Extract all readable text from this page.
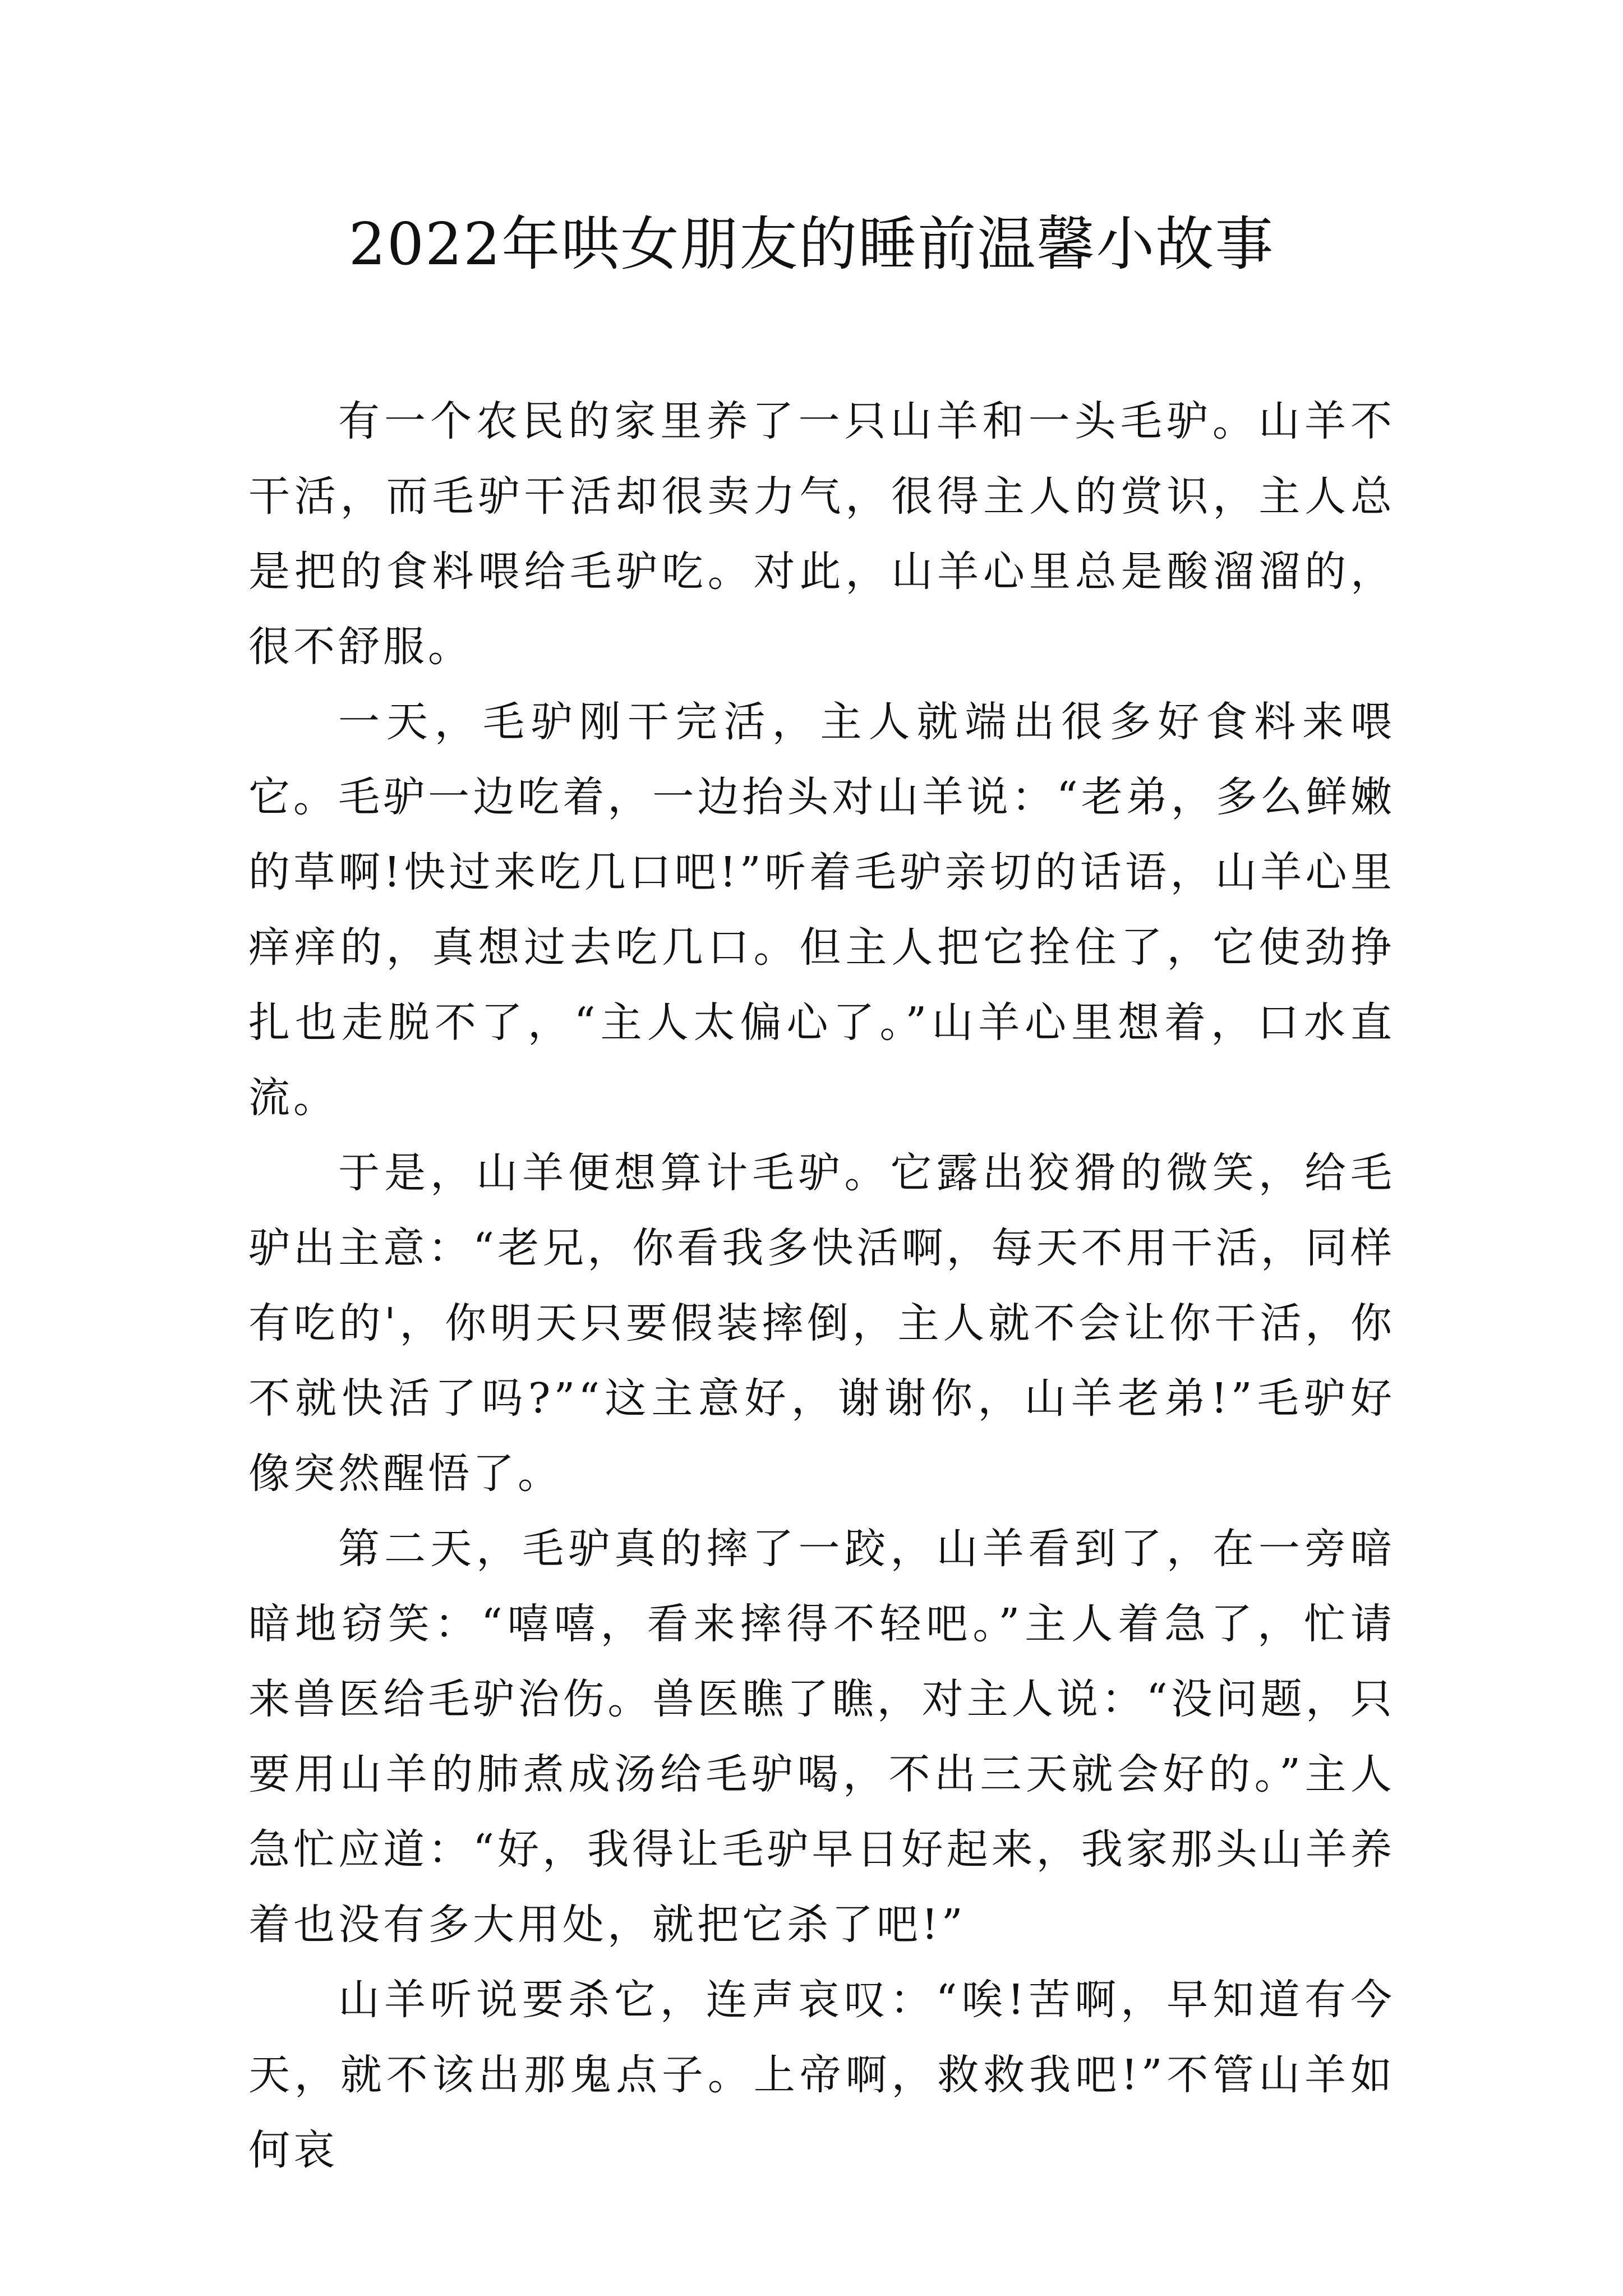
2022年哄女朋友的睡前温馨小故事

有一个农民的家里养了一只山羊和一头毛驴。山羊不干活，而毛驴干活却很卖力气，很得主人的赏识，主人总是把的食料喂给毛驴吃。对此，山羊心里总是酸溜溜的，很不舒服。

一天，毛驴刚干完活，主人就端出很多好食料来喂它。毛驴一边吃着，一边抬头对山羊说：“老弟，多么鲜嫩的草啊!快过来吃几口吧!”听着毛驴亲切的话语，山羊心里痒痒的，真想过去吃几口。但主人把它拴住了，它使劲挣扎也走脱不了，“主人太偏心了。”山羊心里想着，口水直流。

于是，山羊便想算计毛驴。它露出狡猾的微笑，给毛驴出主意：“老兄，你看我多快活啊，每天不用干活，同样有吃的'，你明天只要假装摔倒，主人就不会让你干活，你不就快活了吗?”“这主意好，谢谢你，山羊老弟!”毛驴好像突然醒悟了。

第二天，毛驴真的摔了一跤，山羊看到了，在一旁暗暗地窃笑：“嘻嘻，看来摔得不轻吧。”主人着急了，忙请来兽医给毛驴治伤。兽医瞧了瞧，对主人说：“没问题，只要用山羊的肺煮成汤给毛驴喝，不出三天就会好的。”主人急忙应道：“好，我得让毛驴早日好起来，我家那头山羊养着也没有多大用处，就把它杀了吧!”

山羊听说要杀它，连声哀叹：“唉!苦啊，早知道有今天，就不该出那鬼点子。上帝啊，救救我吧!”不管山羊如何哀
